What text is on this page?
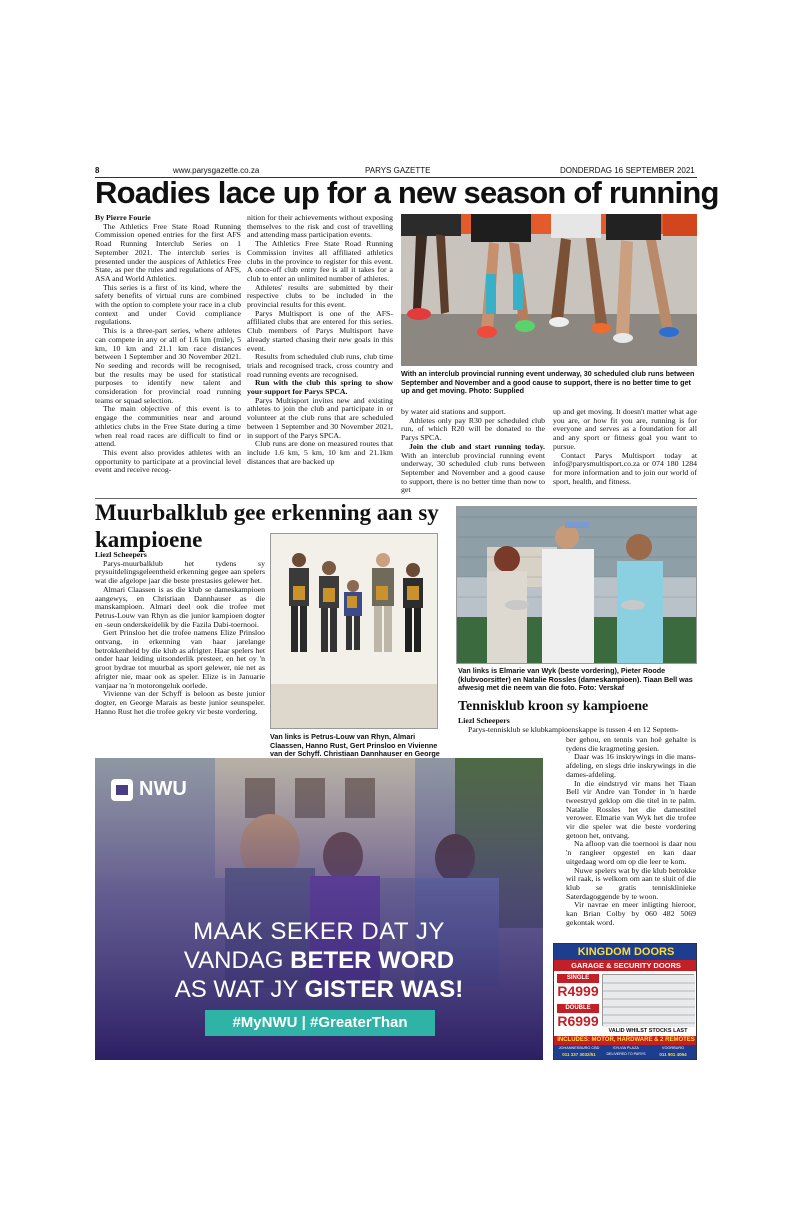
8	www.parysgazette.co.za	PARYS GAZETTE	DONDERDAG 16 SEPTEMBER 2021
Roadies lace up for a new season of running

By Pierre Fourie

The Athletics Free State Road Running Commission opened entries for the first AFS Road Running Interclub Series on 1 September 2021. The interclub series is presented under the auspices of Athletics Free State, as per the rules and regulations of AFS, ASA and World Athletics.

This series is a first of its kind, where the safety benefits of virtual runs are combined with the option to complete your race in a club context and under Covid compliance regulations.

This is a three-part series, where athletes can compete in any or all of 1.6 km (mile), 5 km, 10 km and 21.1 km race distances between 1 September and 30 November 2021. No seeding and records will be recognised, but the results may be used for statistical purposes to identify new talent and consideration for provincial road running teams or squad selection.

The main objective of this event is to engage the communities near and around athletics clubs in the Free State during a time when real road races are difficult to find or attend.

This event also provides athletes with an opportunity to participate at a provincial level event and receive recog-

nition for their achievements without exposing themselves to the risk and cost of travelling and attending mass participation events.

The Athletics Free State Road Running Commission invites all affiliated athletics clubs in the province to register for this event. A once-off club entry fee is all it takes for a club to enter an unlimited number of athletes.

Athletes' results are submitted by their respective clubs to be included in the provincial results for this event.

Parys Multisport is one of the AFS-affiliated clubs that are entered for this series. Club members of Parys Multisport have already started chasing their new goals in this event.

Results from scheduled club runs, club time trials and recognised track, cross country and road running events are recognised.

Run with the club this spring to show your support for Parys SPCA.

Parys Multisport invites new and existing athletes to join the club and participate in or volunteer at the club runs that are scheduled between 1 September and 30 November 2021, in support of the Parys SPCA.

Club runs are done on measured routes that include 1.6 km, 5 km, 10 km and 21.1km distances that are backed up

With an interclub provincial running event underway, 30 scheduled club runs between September and November and a good cause to support, there is no better time to get up and get moving. Photo: Supplied

by water aid stations and support.

Athletes only pay R30 per scheduled club run, of which R20 will be donated to the Parys SPCA.

Join the club and start running today. With an interclub provincial running event underway, 30 scheduled club runs between September and November and a good cause to support, there is no better time than now to get

up and get moving. It doesn't matter what age you are, or how fit you are, running is for everyone and serves as a foundation for all and any sport or fitness goal you want to pursue.

Contact Parys Multisport today at info@parysmultisport.co.za or 074 180 1284 for more information and to join our world of sport, health, and fitness.

Muurbalklub gee erkenning aan sy kampioene

Liezl Scheepers

Parys-muurbalklub het tydens sy prysuitdelingsgeleentheid erkenning gegee aan spelers wat die afgelope jaar die beste prestasies gelewer het.

Almari Claassen is as die klub se dameskampioen aangewys, en Christiaan Dannhauser as die manskampioen. Almari deel ook die trofee met Petrus-Louw van Rhyn as die junior kampioen dogter en -seun onderskeidelik by die Fazila Dabi-toernooi.

Gert Prinsloo het die trofee namens Elize Prinsloo ontvang, in erkenning van haar jarelange betrokkenheid by die klub as afrigter. Haar spelers het onder haar leiding uitsonderlik presteer, en het oy 'n groot bydrae tot muurbal as sport gelewer, nie net as afrigter nie, maar ook as speler. Elize is in Januarie vanjaar na 'n motorongeluk oorlede.

Vivienne van der Schyff is beloon as beste junior dogter, en George Marais as beste junior seunspeler. Hanno Rust het die trofee gekry vir beste vordering.

Van links is Petrus-Louw van Rhyn, Almari Claassen, Hanno Rust, Gert Prinsloo en Vivienne van der Schyff. Christiaan Dannhauser en George
Van links is Elmarie van Wyk (beste vordering), Pieter Roode (klubvoorsitter) en Natalie Rossles (dameskampioen). Tiaan Bell was afwesig met die neem van die foto. Foto: Verskaf
Tennisklub kroon sy kampioene

Liezl Scheepers

Parys-tennisklub se klubkampioenskappe is tussen 4 en 12 Septem-

ber gehou, en tennis van hoë gehalte is tydens die kragmeting gesien.

Daar was 16 inskrywings in die mans-afdeling, en slegs drie inskrywings in die dames-afdeling.

In die eindstryd vir mans het Tiaan Bell vir Andre van Tonder in 'n harde tweestryd geklop om die titel in te palm. Natalie Rossles het die damestitel verower. Elmarie van Wyk het die trofee vir die speler wat die beste vordering getoon het, ontvang.

Na afloop van die toernooi is daar nou 'n rangleer opgestel en kan daar uitgedaag word om op die leer te kom.

Nuwe spelers wat by die klub betrokke wil raak, is welkom om aan te sluit of die klub se gratis tennisklinieke Saterdagoggende by te woon.

Vir navrae en meer inligting hieroor, kan Brian Colby by 060 482 5069 gekontak word.

NWU
MAAK SEKER DAT JY
VANDAG BETER WORD
AS WAT JY GISTER WAS!
#MyNWU | #GreaterThan
KINGDOM DOORS
GARAGE & SECURITY DOORS
SINGLE
R4999
DOUBLE
R6999
VALID WHILST STOCKS LAST
INCLUDES: MOTOR, HARDWARE & 2 REMOTES
JOHANNESBURG CBD	SYLVIA PLAZA	VOORBURG
011 337 3032/51	DELIVERED TO PARYS	011 901 4064
